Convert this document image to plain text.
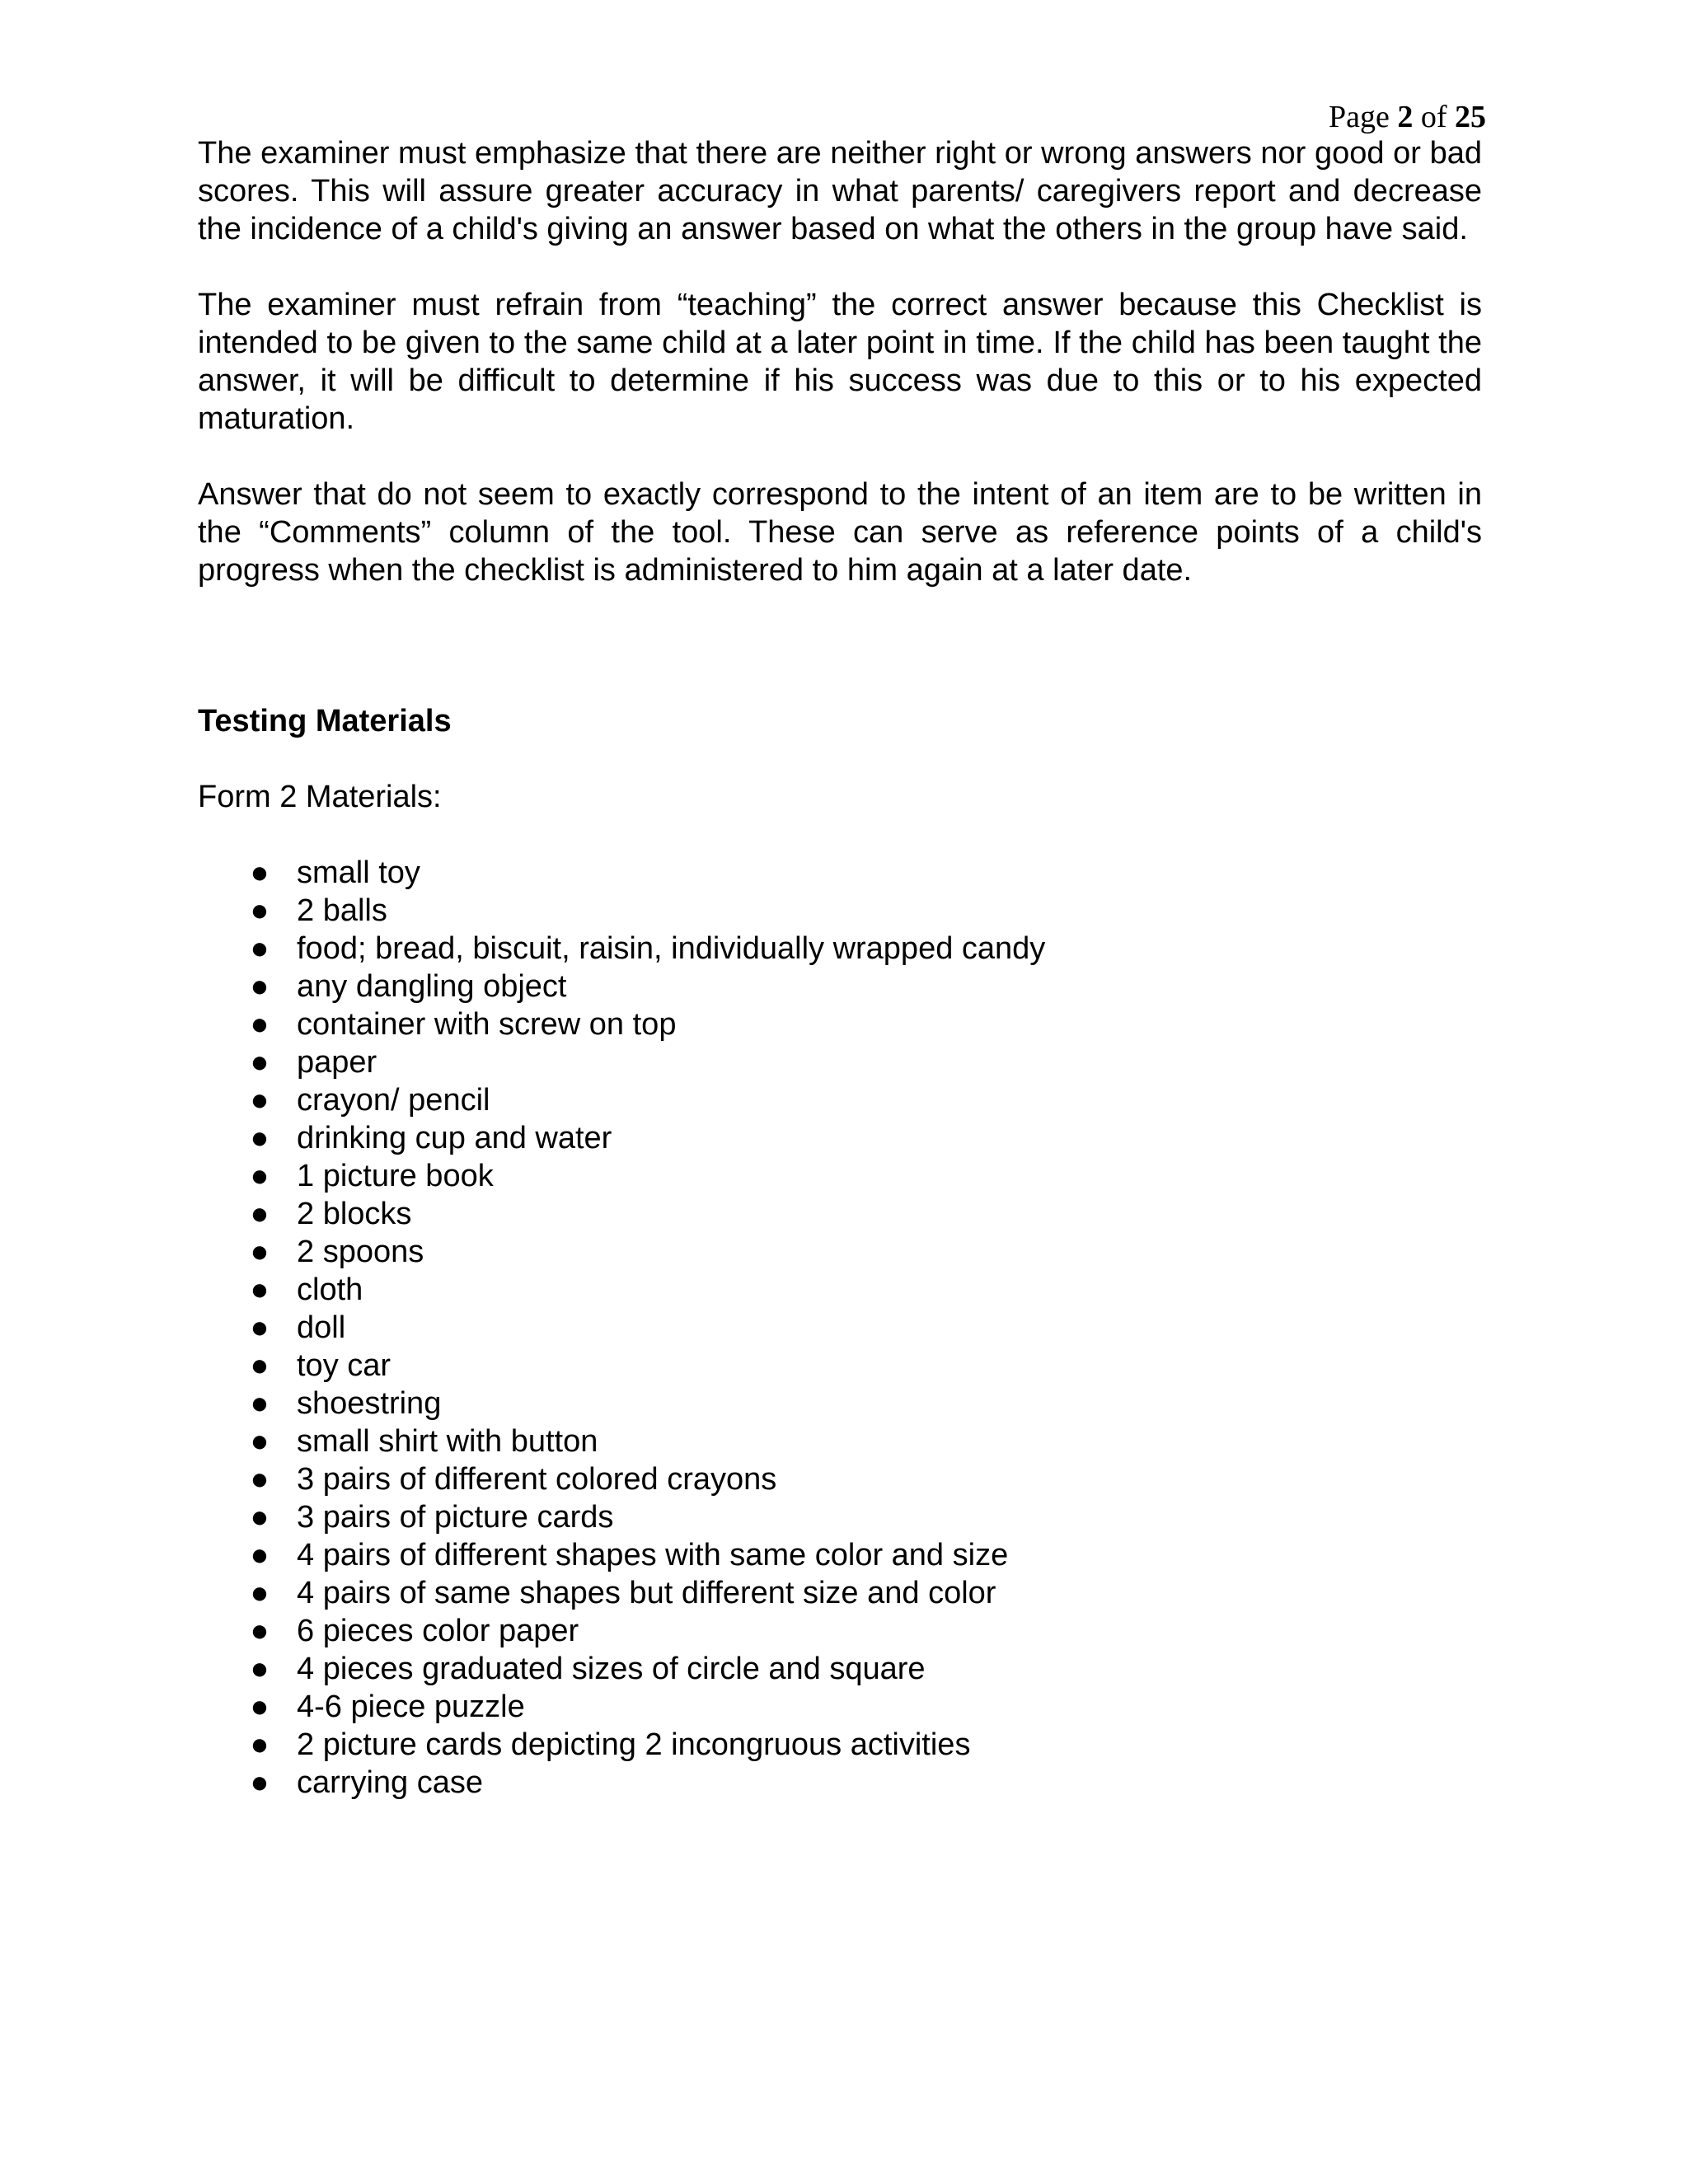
Page 2 of 25

The examiner must emphasize that there are neither right or wrong answers nor good or bad scores. This will assure greater accuracy in what parents/ caregivers report and decrease the incidence of a child's giving an answer based on what the others in the group have said.

The examiner must refrain from “teaching” the correct answer because this Checklist is intended to be given to the same child at a later point in time. If the child has been taught the answer, it will be difficult to determine if his success was due to this or to his expected maturation.

Answer that do not seem to exactly correspond to the intent of an item are to be written in the “Comments” column of the tool. These can serve as reference points of a child's progress when the checklist is administered to him again at a later date.

Testing Materials

Form 2 Materials:

● small toy
● 2 balls
● food; bread, biscuit, raisin, individually wrapped candy
● any dangling object
● container with screw on top
● paper
● crayon/ pencil
● drinking cup and water
● 1 picture book
● 2 blocks
● 2 spoons
● cloth
● doll
● toy car
● shoestring
● small shirt with button
● 3 pairs of different colored crayons
● 3 pairs of picture cards
● 4 pairs of different shapes with same color and size
● 4 pairs of same shapes but different size and color
● 6 pieces color paper
● 4 pieces graduated sizes of circle and square
● 4-6 piece puzzle
● 2 picture cards depicting 2 incongruous activities
● carrying case
